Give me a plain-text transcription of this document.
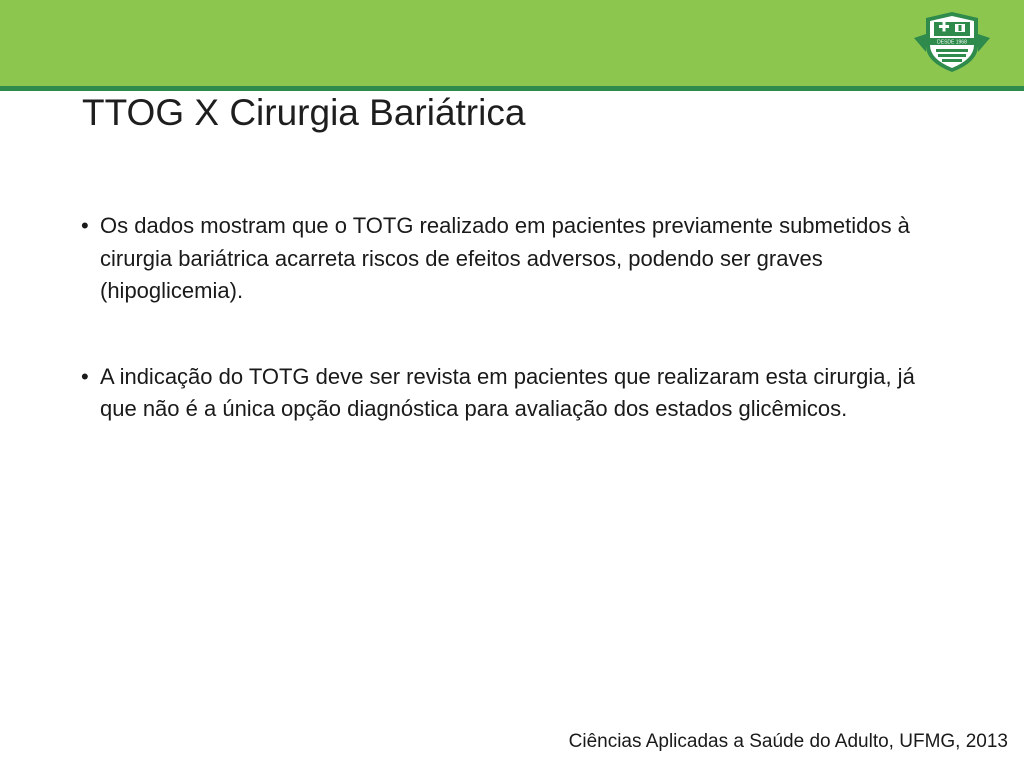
DESDE 1968
TTOG X Cirurgia Bariátrica
• Os dados mostram que o TOTG realizado em pacientes previamente submetidos à cirurgia bariátrica acarreta riscos de efeitos adversos, podendo ser graves (hipoglicemia).
• A indicação do TOTG deve ser revista em pacientes que realizaram esta cirurgia, já que não é a única opção diagnóstica para avaliação dos estados glicêmicos.
Ciências Aplicadas a Saúde do Adulto, UFMG, 2013
